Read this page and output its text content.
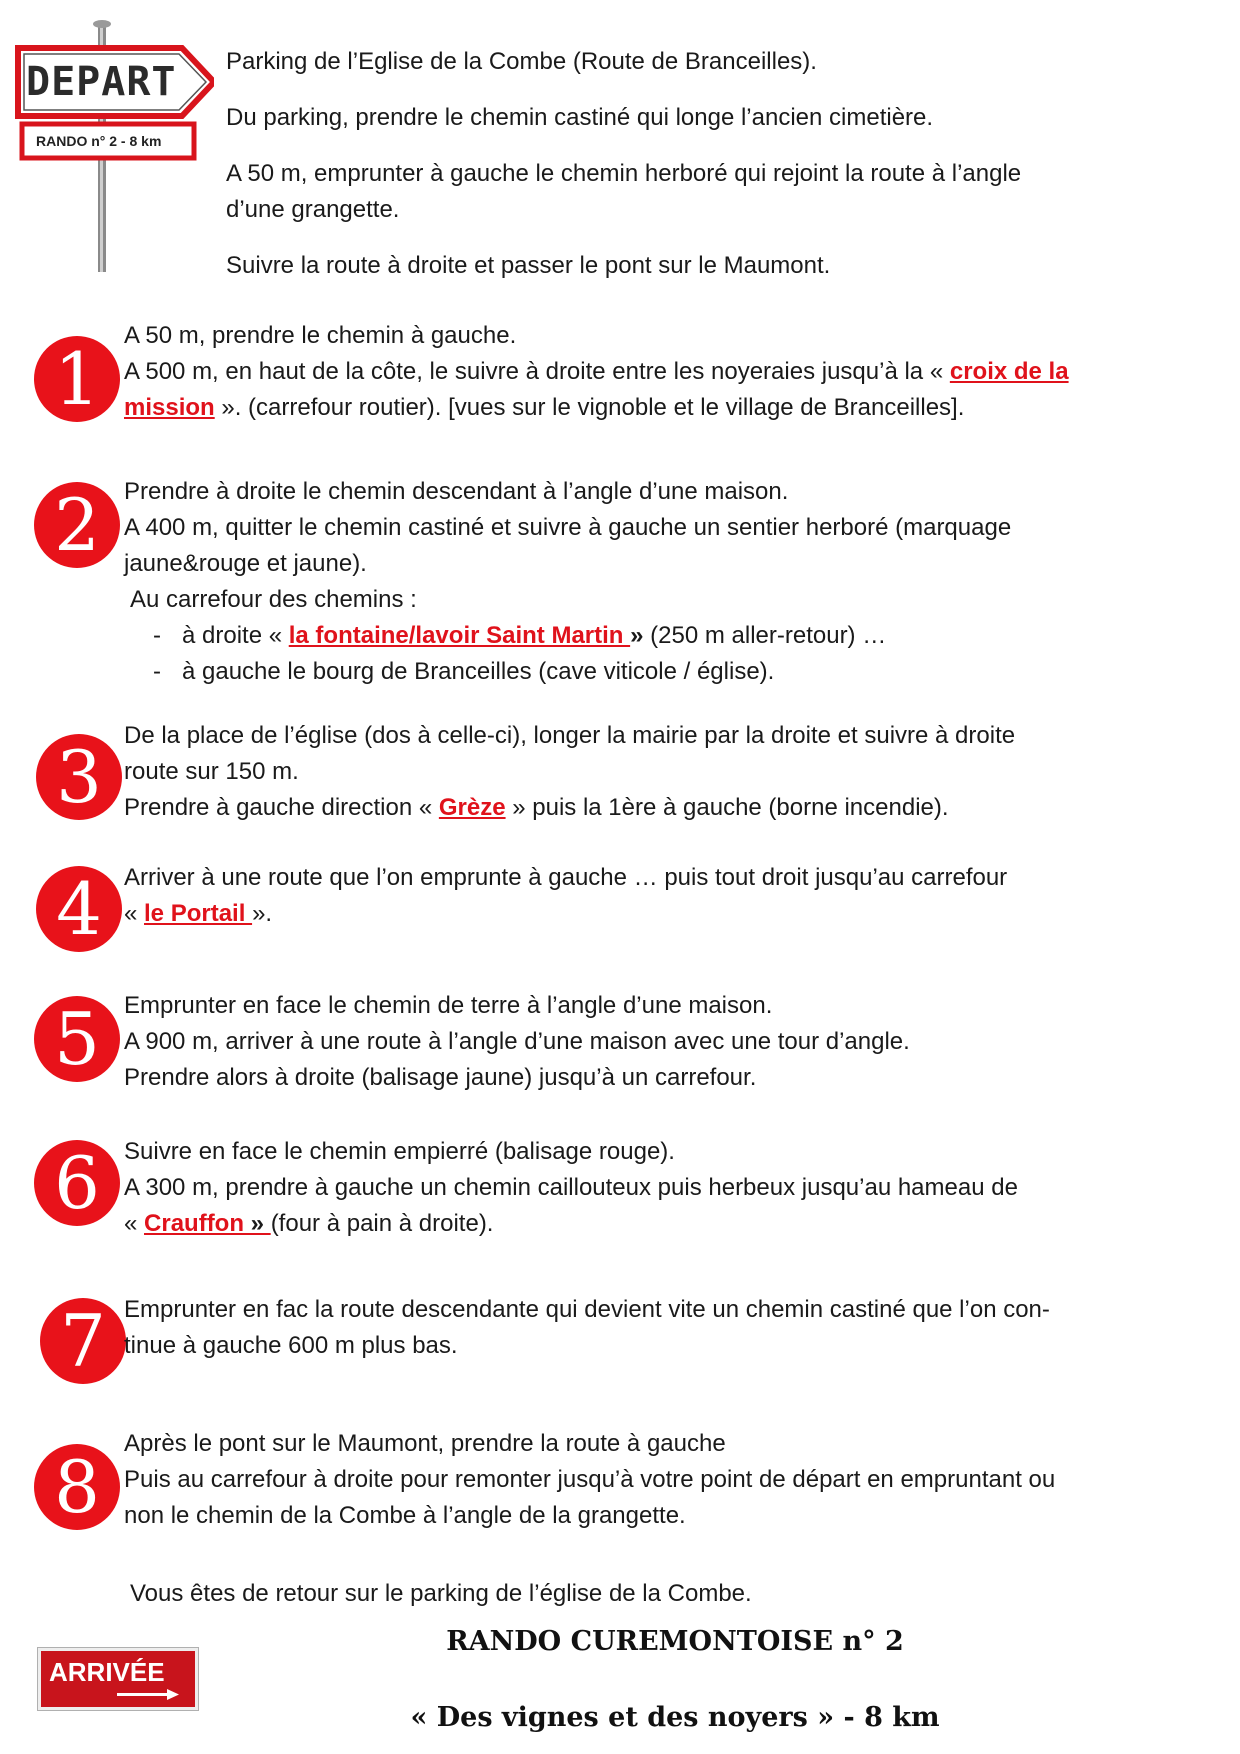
DEPART
RANDO n° 2 - 8 km
Parking de l’Eglise de la Combe (Route de Branceilles).
Du parking, prendre le chemin castiné qui longe l’ancien cimetière.
A 50 m, emprunter à gauche le chemin herboré qui rejoint la route à l’angle
d’une grangette.
Suivre la route à droite et passer le pont sur le Maumont.
1
A 50 m, prendre le chemin à gauche.
A 500 m, en haut de la côte, le suivre à droite entre les noyeraies jusqu’à la « croix de la
mission ». (carrefour routier). [vues sur le vignoble et le village de Branceilles].
2	Prendre à droite le chemin descendant à l’angle d’une maison.
A 400 m, quitter le chemin castiné et suivre à gauche un sentier herboré (marquage
jaune&rouge et jaune).
Au carrefour des chemins :
- à droite « la fontaine/lavoir Saint Martin » (250 m aller-retour) …
- à gauche le bourg de Branceilles (cave viticole / église).
3 De la place de l’église (dos à celle-ci), longer la mairie par la droite et suivre à droite
route sur 150 m.
Prendre à gauche direction « Grèze » puis la 1ère à gauche (borne incendie).
4 Arriver à une route que l’on emprunte à gauche … puis tout droit jusqu’au carrefour
« le Portail ».
5	Emprunter en face le chemin de terre à l’angle d’une maison.
A 900 m, arriver à une route à l’angle d’une maison avec une tour d’angle.
Prendre alors à droite (balisage jaune) jusqu’à un carrefour.
6	Suivre en face le chemin empierré (balisage rouge).
A 300 m, prendre à gauche un chemin caillouteux puis herbeux jusqu’au hameau de
« Crauffon » (four à pain à droite).
7 Emprunter en fac la route descendante qui devient vite un chemin castiné que l’on con-
tinue à gauche 600 m plus bas.
8
Après le pont sur le Maumont, prendre la route à gauche
Puis au carrefour à droite pour remonter jusqu’à votre point de départ en empruntant ou
non le chemin de la Combe à l’angle de la grangette.
Vous êtes de retour sur le parking de l’église de la Combe.
ARRIVÉE
RANDO CUREMONTOISE n° 2
« Des vignes et des noyers » - 8 km
